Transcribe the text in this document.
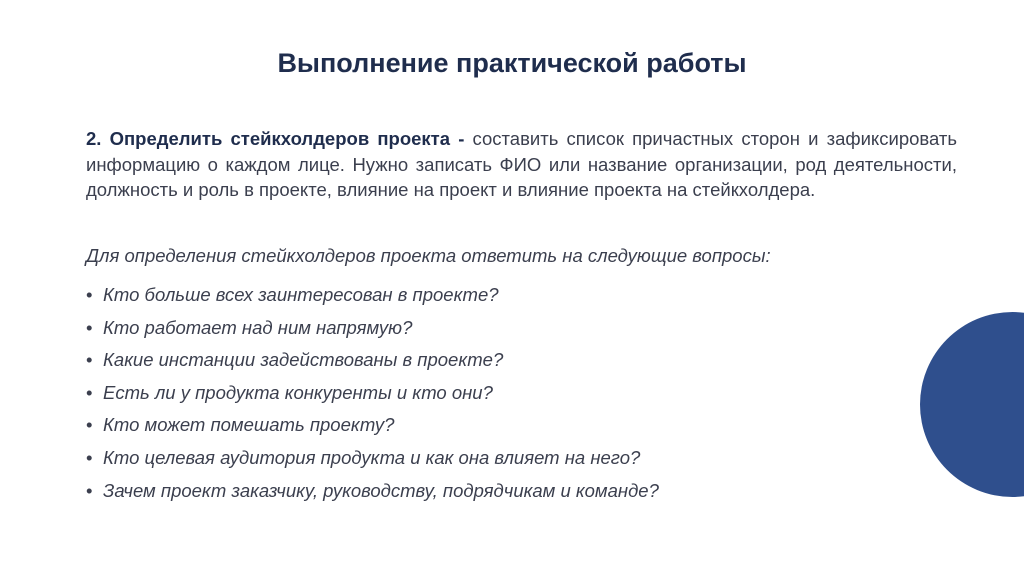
Выполнение практической работы
2. Определить стейкхолдеров проекта - составить список причастных сторон и зафиксировать информацию о каждом лице. Нужно записать ФИО или название организации, род деятельности, должность и роль в проекте, влияние на проект и влияние проекта на стейкхолдера.
Для определения стейкхолдеров проекта ответить на следующие вопросы:
• Кто больше всех заинтересован в проекте?
• Кто работает над ним напрямую?
• Какие инстанции задействованы в проекте?
• Есть ли у продукта конкуренты и кто они?
• Кто может помешать проекту?
• Кто целевая аудитория продукта и как она влияет на него?
• Зачем проект заказчику, руководству, подрядчикам и команде?
